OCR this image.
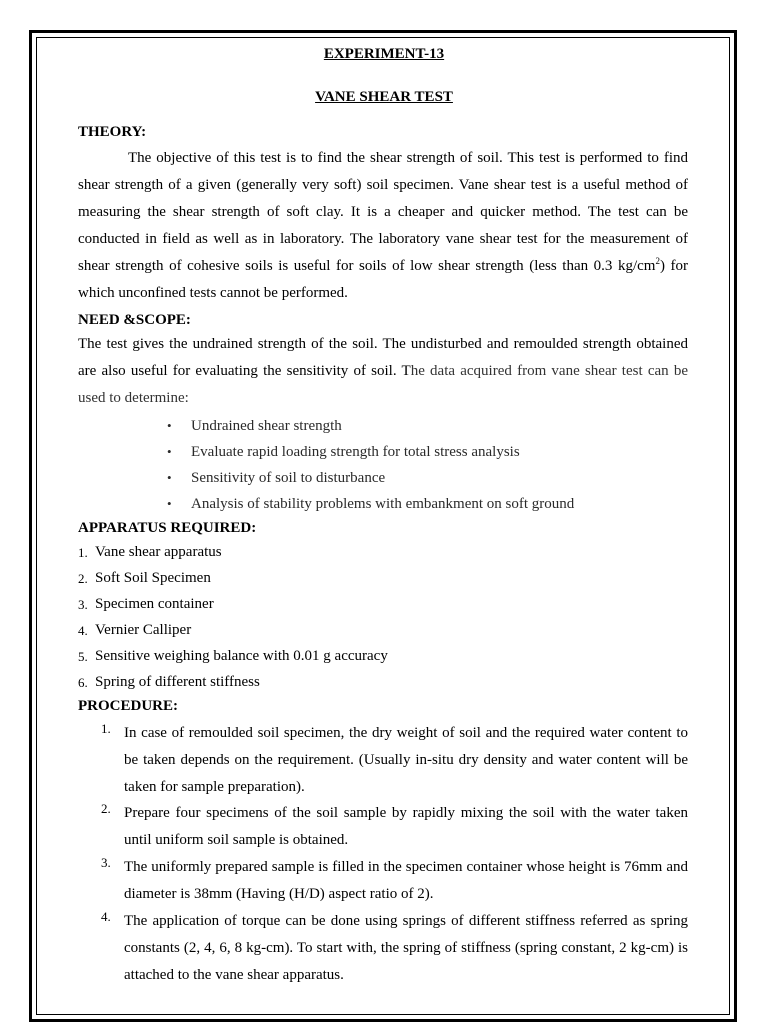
EXPERIMENT-13
VANE SHEAR TEST
THEORY:

The objective of this test is to find the shear strength of soil. This test is performed to find shear strength of a given (generally very soft) soil specimen. Vane shear test is a useful method of measuring the shear strength of soft clay. It is a cheaper and quicker method. The test can be conducted in field as well as in laboratory. The laboratory vane shear test for the measurement of shear strength of cohesive soils is useful for soils of low shear strength (less than 0.3 $kg/cm^2$) for which unconfined tests cannot be performed.

NEED &SCOPE:

The test gives the undrained strength of the soil. The undisturbed and remoulded strength obtained are also useful for evaluating the sensitivity of soil. The data acquired from vane shear test can be used to determine:

• Undrained shear strength
• Evaluate rapid loading strength for total stress analysis
• Sensitivity of soil to disturbance
• Analysis of stability problems with embankment on soft ground
APPARATUS REQUIRED:
1. Vane shear apparatus
2. Soft Soil Specimen
3. Specimen container
4. Vernier Calliper
5. Sensitive weighing balance with 0.01 g accuracy
6. Spring of different stiffness
PROCEDURE:
1. In case of remoulded soil specimen, the dry weight of soil and the required water content to be taken depends on the requirement. (Usually in-situ dry density and water content will be taken for sample preparation).

2. Prepare four specimens of the soil sample by rapidly mixing the soil with the water taken until uniform soil sample is obtained.

3. The uniformly prepared sample is filled in the specimen container whose height is 76mm and diameter is 38mm (Having (H/D) aspect ratio of 2).

4. The application of torque can be done using springs of different stiffness referred as spring constants (2, 4, 6, 8 kg-cm). To start with, the spring of stiffness (spring constant, 2 kg-cm) is attached to the vane shear apparatus.
